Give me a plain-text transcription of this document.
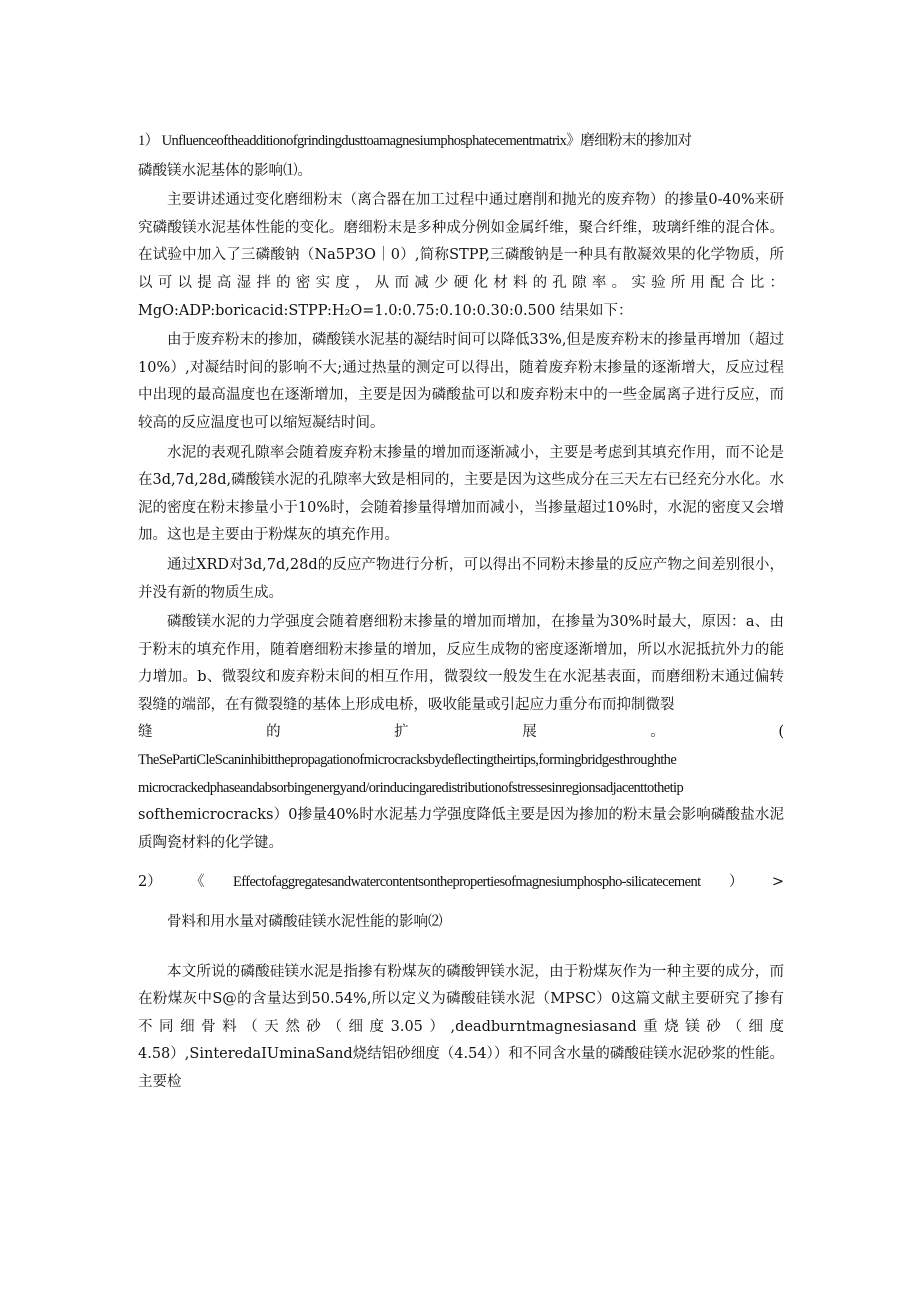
1） Unfluenceoftheadditionofgrindingdusttoamagnesiumphosphatecementmatrix》磨细粉末的掺加对

磷酸镁水泥基体的影响⑴。

主要讲述通过变化磨细粉末（离合器在加工过程中通过磨削和抛光的废弃物）的掺量0-40%来研究磷酸镁水泥基体性能的变化。磨细粉末是多种成分例如金属纤维，聚合纤维，玻璃纤维的混合体。在试验中加入了三磷酸钠（Na5P3O｜0）,简称STPP,三磷酸钠是一种具有散凝效果的化学物质，所以可以提高湿拌的密实度，从而减少硬化材料的孔隙率。实验所用配合比：MgO:ADP:boricacid:STPP:H₂O=1.0:0.75:0.10:0.30:0.500 结果如下：

由于废弃粉末的掺加，磷酸镁水泥基的凝结时间可以降低33%,但是废弃粉末的掺量再增加（超过10%）,对凝结时间的影响不大;通过热量的测定可以得出，随着废弃粉末掺量的逐渐增大，反应过程中出现的最高温度也在逐渐增加，主要是因为磷酸盐可以和废弃粉末中的一些金属离子进行反应，而较高的反应温度也可以缩短凝结时间。

水泥的表观孔隙率会随着废弃粉末掺量的增加而逐渐减小，主要是考虑到其填充作用，而不论是在3d,7d,28d,磷酸镁水泥的孔隙率大致是相同的，主要是因为这些成分在三天左右已经充分水化。水泥的密度在粉末掺量小于10%时，会随着掺量得增加而减小，当掺量超过10%时，水泥的密度又会增加。这也是主要由于粉煤灰的填充作用。

通过XRD对3d,7d,28d的反应产物进行分析，可以得出不同粉末掺量的反应产物之间差别很小，并没有新的物质生成。

磷酸镁水泥的力学强度会随着磨细粉末掺量的增加而增加，在掺量为30%时最大，原因：a、由于粉末的填充作用，随着磨细粉末掺量的增加，反应生成物的密度逐渐增加，所以水泥抵抗外力的能力增加。b、微裂纹和废弃粉末间的相互作用，微裂纹一般发生在水泥基表面，而磨细粉末通过偏转裂缝的端部，在有微裂缝的基体上形成电桥，吸收能量或引起应力重分布而抑制微裂

缝	的	扩	展	。	(

TheSePartiCleScaninhibitthepropagationofmicrocracksbydeflectingtheirtips,formingbridgesthroughthe

microcrackedphaseandabsorbingenergyand/orinducingaredistributionofstressesinregionsadjacenttothetip

softhemicrocracks）0掺量40%时水泥基力学强度降低主要是因为掺加的粉末量会影响磷酸盐水泥质陶瓷材料的化学键。

2） 《 Effectofaggregatesandwatercontentsonthepropertiesofmagnesiumphospho-silicatecement ） >

骨料和用水量对磷酸硅镁水泥性能的影响⑵

本文所说的磷酸硅镁水泥是指掺有粉煤灰的磷酸钾镁水泥，由于粉煤灰作为一种主要的成分，而在粉煤灰中S@的含量达到50.54%,所以定义为磷酸硅镁水泥（MPSC）0这篇文献主要研究了掺有不同细骨料（天然砂（细度3.05）,deadburntmagnesiasand重烧镁砂（细度4.58）,SinteredaIUminaSand烧结铝砂细度（4.54））和不同含水量的磷酸硅镁水泥砂浆的性能。主要检
